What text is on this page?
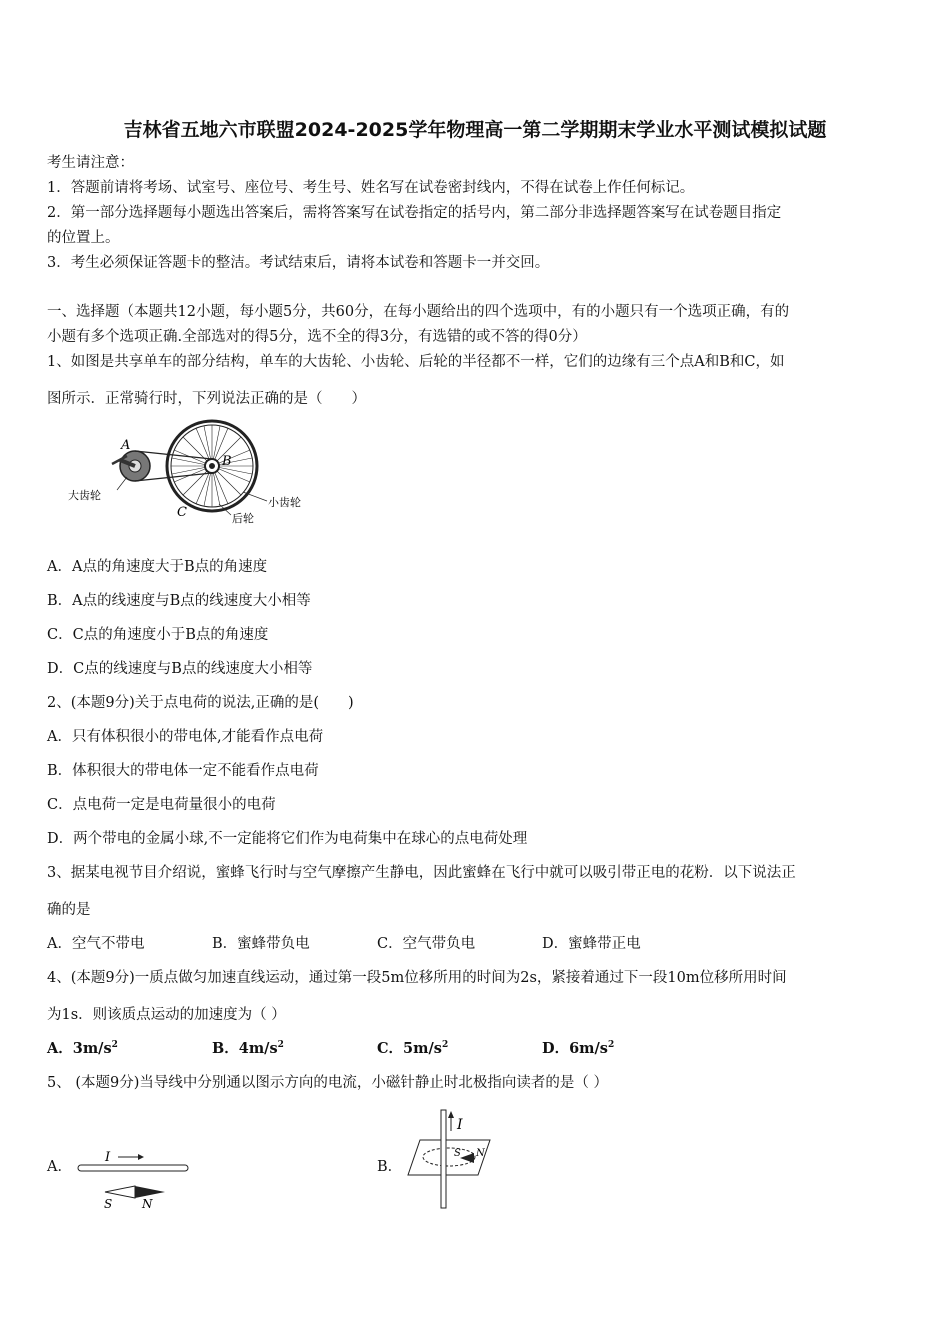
吉林省五地六市联盟2024-2025学年物理高一第二学期期末学业水平测试模拟试题
考生请注意：
1．答题前请将考场、试室号、座位号、考生号、姓名写在试卷密封线内，不得在试卷上作任何标记。
2．第一部分选择题每小题选出答案后，需将答案写在试卷指定的括号内，第二部分非选择题答案写在试卷题目指定
的位置上。
3．考生必须保证答题卡的整洁。考试结束后，请将本试卷和答题卡一并交回。
一、选择题（本题共12小题，每小题5分，共60分，在每小题给出的四个选项中，有的小题只有一个选项正确，有的
小题有多个选项正确.全部选对的得5分，选不全的得3分，有选错的或不答的得0分）
1、如图是共享单车的部分结构，单车的大齿轮、小齿轮、后轮的半径都不一样，它们的边缘有三个点A和B和C，如
图所示．正常骑行时，下列说法正确的是（　　）
A
B
C
大齿轮
小齿轮
后轮
A．A点的角速度大于B点的角速度
B．A点的线速度与B点的线速度大小相等
C．C点的角速度小于B点的角速度
D．C点的线速度与B点的线速度大小相等
2、(本题9分)关于点电荷的说法,正确的是(　　)
A．只有体积很小的带电体,才能看作点电荷
B．体积很大的带电体一定不能看作点电荷
C．点电荷一定是电荷量很小的电荷
D．两个带电的金属小球,不一定能将它们作为电荷集中在球心的点电荷处理
3、据某电视节目介绍说，蜜蜂飞行时与空气摩擦产生静电，因此蜜蜂在飞行中就可以吸引带正电的花粉．以下说法正
确的是
A．空气不带电	B．蜜蜂带负电	C．空气带负电	D．蜜蜂带正电
4、(本题9分)一质点做匀加速直线运动，通过第一段5m位移所用的时间为2s，紧接着通过下一段10m位移所用时间
为1s．则该质点运动的加速度为（ ）
A．$3m/s^2$	B．$4m/s^2$	C．$5m/s^2$	D．$6m/s^2$
5、 (本题9分)当导线中分别通以图示方向的电流，小磁针静止时北极指向读者的是（ ）
A．
I
S N
B．
S N
I
